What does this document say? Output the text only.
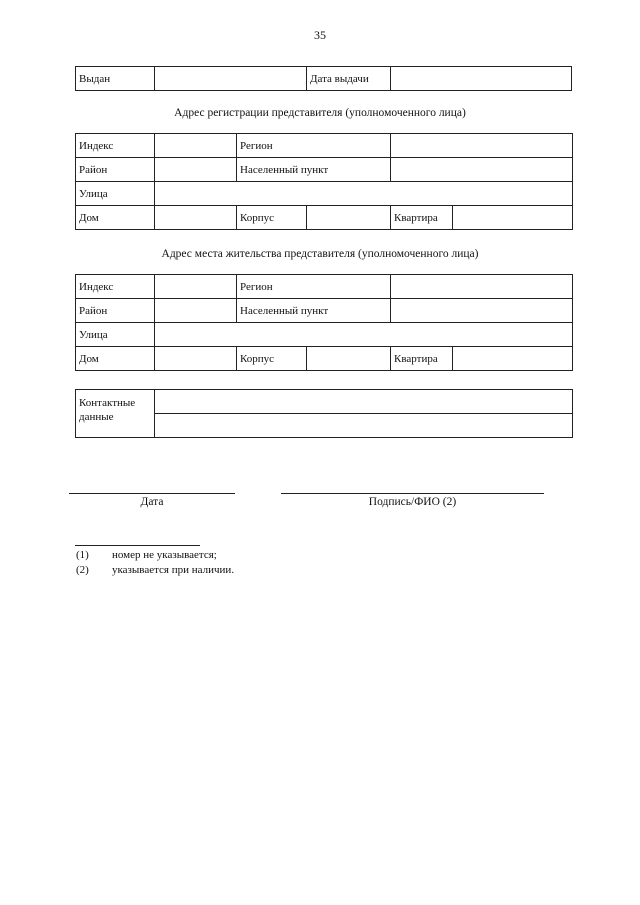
35
Выдан		Дата выдачи	
Адрес регистрации представителя (уполномоченного лица)
Индекс		Регион			
Район		Населенный пункт			
Улица					
Дом		Корпус		Квартира	
Адрес места жительства представителя (уполномоченного лица)
Индекс		Регион			
Район		Населенный пункт			
Улица					
Дом		Корпус		Квартира	
Контактные
данные

Дата	Подпись/ФИО (2)
(1) номер не указывается;
(2) указывается при наличии.
